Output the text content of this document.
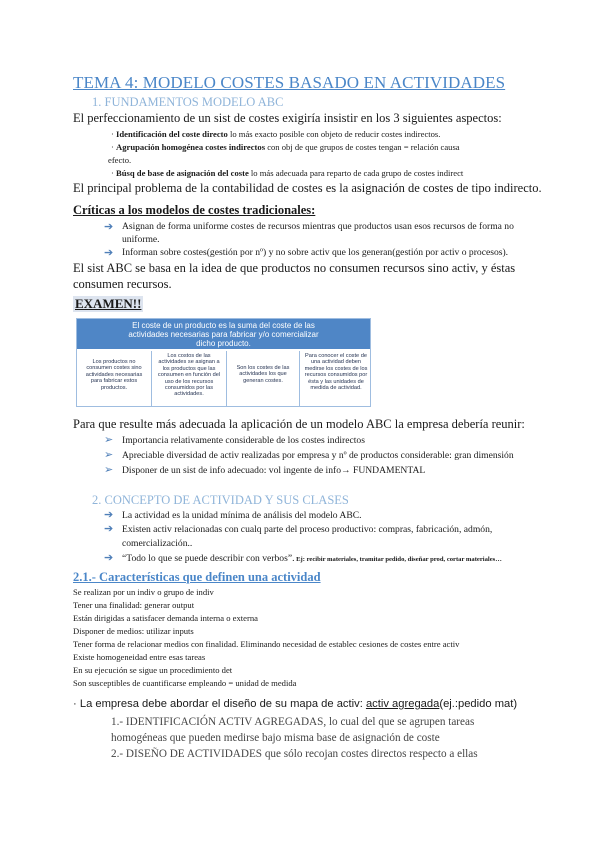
TEMA 4: MODELO COSTES BASADO EN ACTIVIDADES
1. FUNDAMENTOS MODELO ABC
El perfeccionamiento de un sist de costes exigiría insistir en los 3 siguientes aspectos:
· Identificación del coste directo lo más exacto posible con objeto de reducir costes indirectos.
· Agrupación homogénea costes indirectos con obj de que grupos de costes tengan = relación causa
efecto.
· Búsq de base de asignación del coste lo más adecuada para reparto de cada grupo de costes indirect
El principal problema de la contabilidad de costes es la asignación de costes de tipo indirecto.
Críticas a los modelos de costes tradicionales:
➔ Asignan de forma uniforme costes de recursos mientras que productos usan esos recursos de forma no
uniforme.
➔ Informan sobre costes(gestión por nº) y no sobre activ que los generan(gestión por activ o procesos).
El sist ABC se basa en la idea de que productos no consumen recursos sino activ, y éstas
consumen recursos.
EXAMEN!!
El coste de un producto es la suma del coste de las
actividades necesarias para fabricar y/o comercializar
dicho producto.
Los productos no consumen costes sino actividades necesarias para fabricar estos productos.
Los costos de las actividades se asignan a los productos que las consumen en función del uso de los recursos consumidos por las actividades.
Son los costes de las actividades los que generan costes.
Para conocer el coste de una actividad deben medirse los costes de los recursos consumidos por ésta y las unidades de medida de actividad.
Para que resulte más adecuada la aplicación de un modelo ABC la empresa debería reunir:
➢ Importancia relativamente considerable de los costes indirectos
➢ Apreciable diversidad de activ realizadas por empresa y nº de productos considerable: gran dimensión
➢ Disponer de un sist de info adecuado: vol ingente de info→ FUNDAMENTAL
2. CONCEPTO DE ACTIVIDAD Y SUS CLASES
➔ La actividad es la unidad mínima de análisis del modelo ABC.
➔ Existen activ relacionadas con cualq parte del proceso productivo: compras, fabricación, admón,
comercialización..
➔ “Todo lo que se puede describir con verbos”. Ej: recibir materiales, tramitar pedido, diseñar prod, cortar materiales…
2.1.- Características que definen una actividad
Se realizan por un indiv o grupo de indiv
Tener una finalidad: generar output
Están dirigidas a satisfacer demanda interna o externa
Disponer de medios: utilizar inputs
Tener forma de relacionar medios con finalidad. Eliminando necesidad de establec cesiones de costes entre activ
Existe homogeneidad entre esas tareas
En su ejecución se sigue un procedimiento det
Son susceptibles de cuantificarse empleando = unidad de medida
· La empresa debe abordar el diseño de su mapa de activ: activ agregada(ej.:pedido mat)
1.- IDENTIFICACIÓN ACTIV AGREGADAS, lo cual del que se agrupen tareas
homogéneas que pueden medirse bajo misma base de asignación de coste
2.- DISEÑO DE ACTIVIDADES que sólo recojan costes directos respecto a ellas
